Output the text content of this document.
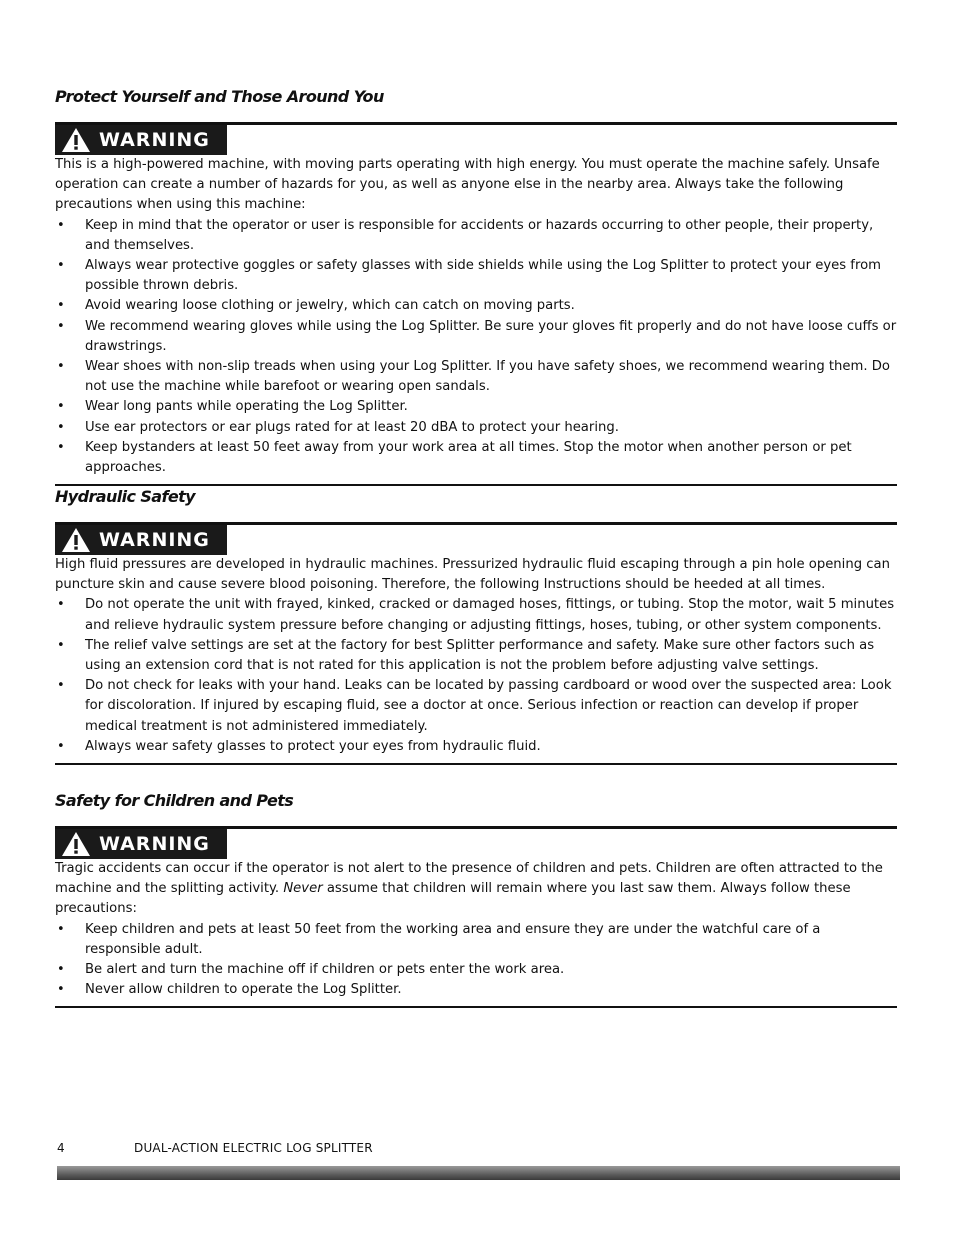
Protect Yourself and Those Around You
WARNING

This is a high-powered machine, with moving parts operating with high energy. You must operate the machine safely. Unsafe operation can create a number of hazards for you, as well as anyone else in the nearby area. Always take the following precautions when using this machine:

• Keep in mind that the operator or user is responsible for accidents or hazards occurring to other people, their property, and themselves.
• Always wear protective goggles or safety glasses with side shields while using the Log Splitter to protect your eyes from possible thrown debris.
• Avoid wearing loose clothing or jewelry, which can catch on moving parts.
• We recommend wearing gloves while using the Log Splitter. Be sure your gloves fit properly and do not have loose cuffs or drawstrings.
• Wear shoes with non-slip treads when using your Log Splitter. If you have safety shoes, we recommend wearing them. Do not use the machine while barefoot or wearing open sandals.
• Wear long pants while operating the Log Splitter.
• Use ear protectors or ear plugs rated for at least 20 dBA to protect your hearing.
• Keep bystanders at least 50 feet away from your work area at all times. Stop the motor when another person or pet approaches.
Hydraulic Safety
WARNING

High fluid pressures are developed in hydraulic machines. Pressurized hydraulic fluid escaping through a pin hole opening can puncture skin and cause severe blood poisoning. Therefore, the following Instructions should be heeded at all times.

• Do not operate the unit with frayed, kinked, cracked or damaged hoses, fittings, or tubing. Stop the motor, wait 5 minutes and relieve hydraulic system pressure before changing or adjusting fittings, hoses, tubing, or other system components.
• The relief valve settings are set at the factory for best Splitter performance and safety. Make sure other factors such as using an extension cord that is not rated for this application is not the problem before adjusting valve settings.
• Do not check for leaks with your hand. Leaks can be located by passing cardboard or wood over the suspected area: Look for discoloration. If injured by escaping fluid, see a doctor at once. Serious infection or reaction can develop if proper medical treatment is not administered immediately.
• Always wear safety glasses to protect your eyes from hydraulic fluid.
Safety for Children and Pets
WARNING

Tragic accidents can occur if the operator is not alert to the presence of children and pets. Children are often attracted to the machine and the splitting activity. Never assume that children will remain where you last saw them. Always follow these precautions:

• Keep children and pets at least 50 feet from the working area and ensure they are under the watchful care of a responsible adult.
• Be alert and turn the machine off if children or pets enter the work area.
• Never allow children to operate the Log Splitter.
4	DUAL-ACTION ELECTRIC LOG SPLITTER
